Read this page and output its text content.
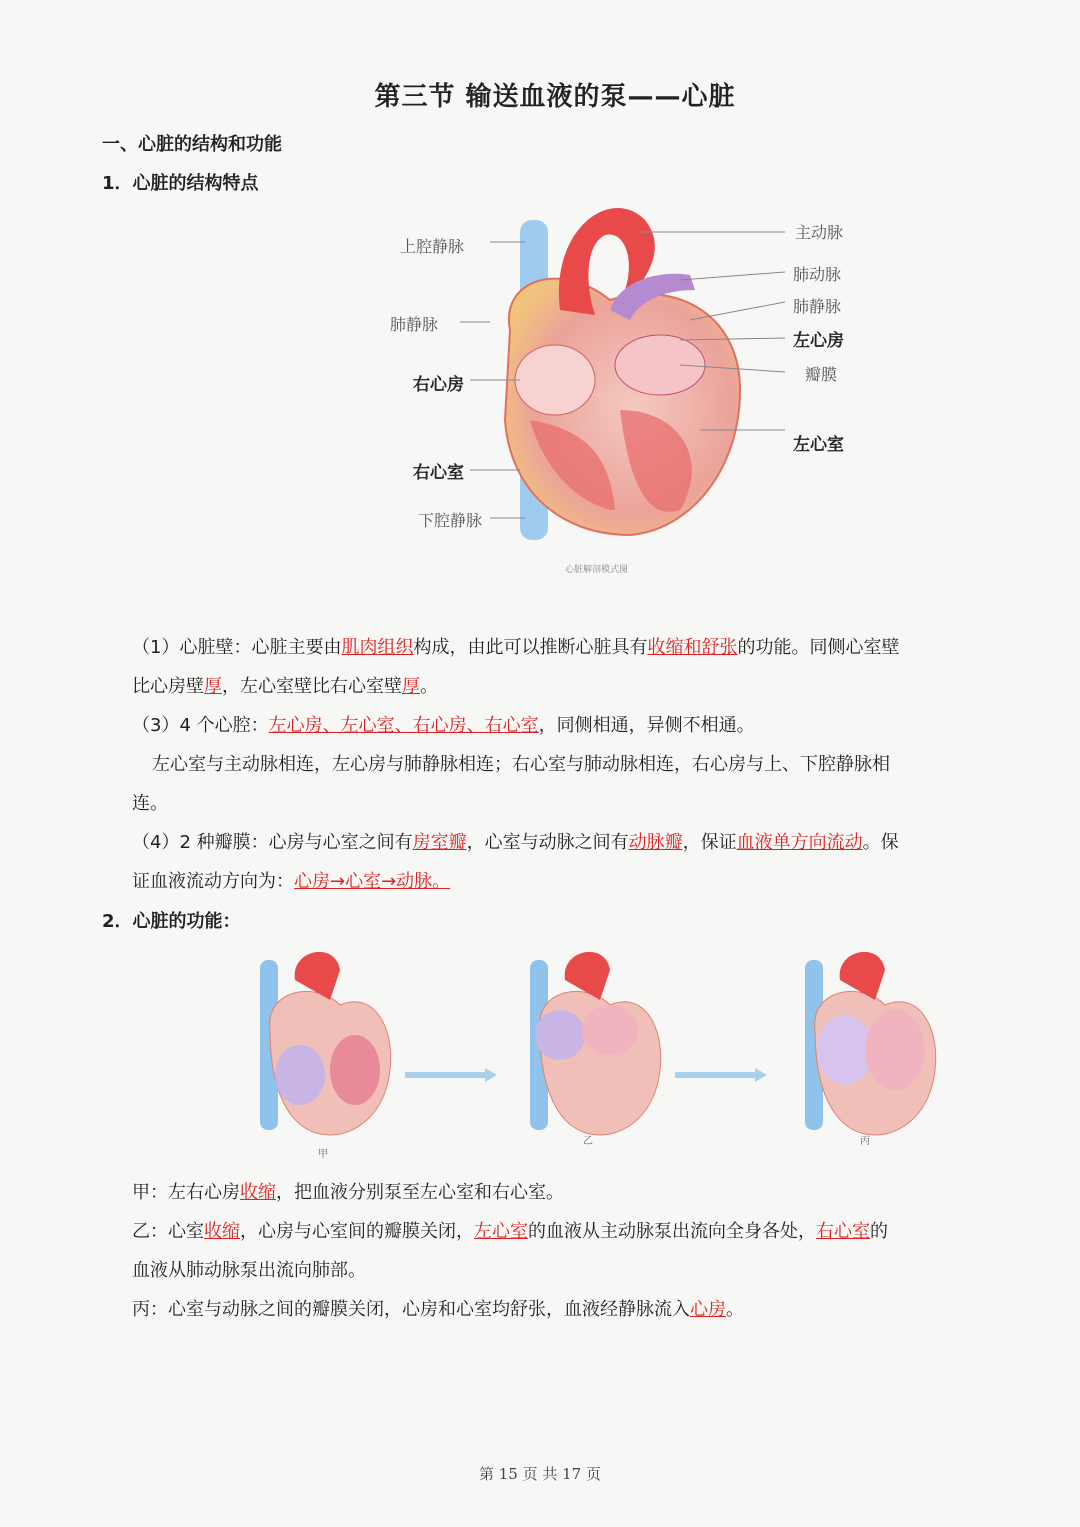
第三节 输送血液的泵——心脏
一、心脏的结构和功能
1．心脏的结构特点
上腔静脉
肺静脉
右心房
右心室
下腔静脉
主动脉
肺动脉
肺静脉
左心房
瓣膜
左心室
心脏解剖模式图
（1）心脏壁：心脏主要由肌肉组织构成，由此可以推断心脏具有收缩和舒张的功能。同侧心室壁
比心房壁厚，左心室壁比右心室壁厚。
（3）4 个心腔：左心房、左心室、右心房、右心室，同侧相通，异侧不相通。
左心室与主动脉相连，左心房与肺静脉相连；右心室与肺动脉相连，右心房与上、下腔静脉相
连。
（4）2 种瓣膜：心房与心室之间有房室瓣，心室与动脉之间有动脉瓣，保证血液单方向流动。保
证血液流动方向为：心房→心室→动脉。
2．心脏的功能：
甲
乙	丙
甲：左右心房收缩，把血液分别泵至左心室和右心室。
乙：心室收缩，心房与心室间的瓣膜关闭，左心室的血液从主动脉泵出流向全身各处，右心室的
血液从肺动脉泵出流向肺部。
丙：心室与动脉之间的瓣膜关闭，心房和心室均舒张，血液经静脉流入心房。
第 15 页 共 17 页
